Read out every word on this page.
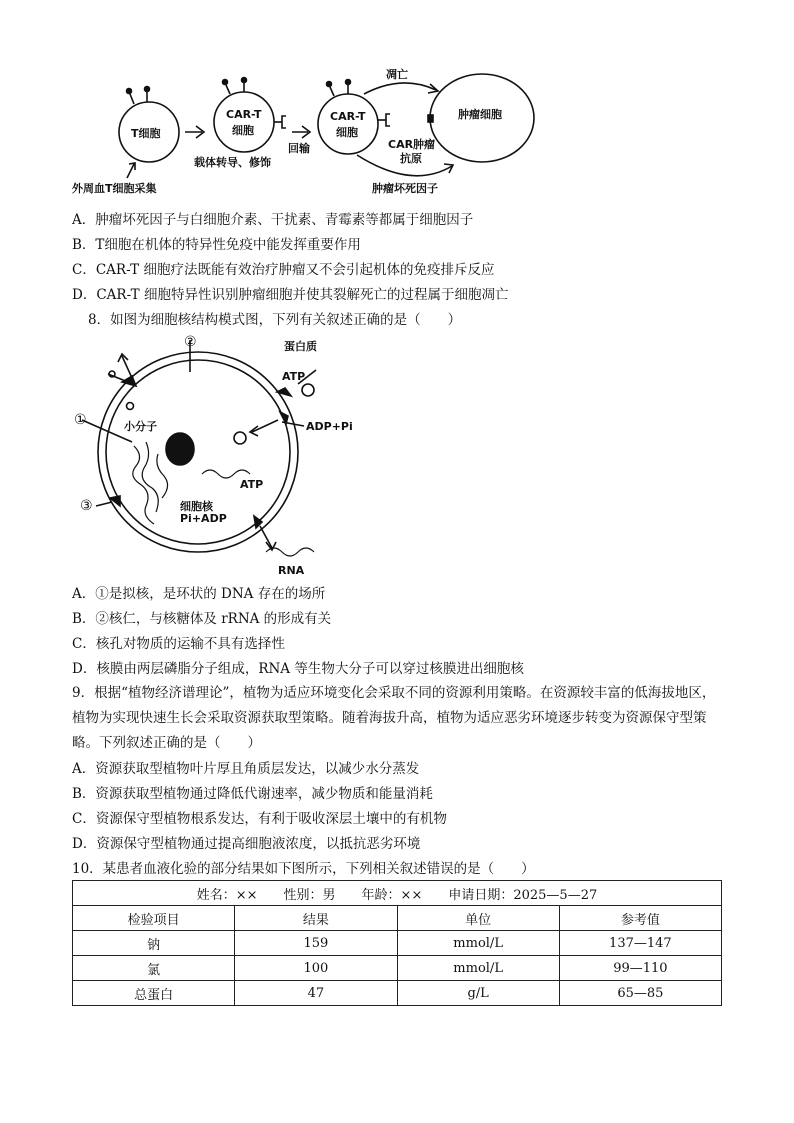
T细胞
外周血T细胞采集
CAR-T
细胞
载体转导、修饰
CAR-T
细胞
回输
凋亡
肿瘤细胞
CAR肿瘤
抗原
肿瘤坏死因子
A．肿瘤坏死因子与白细胞介素、干扰素、青霉素等都属于细胞因子
B．T细胞在机体的特异性免疫中能发挥重要作用
C．CAR-T 细胞疗法既能有效治疗肿瘤又不会引起机体的免疫排斥反应
D．CAR-T 细胞特异性识别肿瘤细胞并使其裂解死亡的过程属于细胞凋亡
8．如图为细胞核结构模式图，下列有关叙述正确的是（　　）
②
①
③
蛋白质
ATP
ADP+Pi
小分子
ATP
细胞核
Pi+ADP
RNA
A．①是拟核，是环状的 DNA 存在的场所
B．②核仁，与核糖体及 rRNA 的形成有关
C．核孔对物质的运输不具有选择性
D．核膜由两层磷脂分子组成，RNA 等生物大分子可以穿过核膜进出细胞核
9．根据“植物经济谱理论”，植物为适应环境变化会采取不同的资源利用策略。在资源较丰富的低海拔地区，植物为实现快速生长会采取资源获取型策略。随着海拔升高，植物为适应恶劣环境逐步转变为资源保守型策略。下列叙述正确的是（　　）
A．资源获取型植物叶片厚且角质层发达，以减少水分蒸发
B．资源获取型植物通过降低代谢速率，减少物质和能量消耗
C．资源保守型植物根系发达，有利于吸收深层土壤中的有机物
D．资源保守型植物通过提高细胞液浓度，以抵抗恶劣环境
10．某患者血液化验的部分结果如下图所示，下列相关叙述错误的是（　　）
姓名：××　　性别：男　　年龄：××　　申请日期：2025—5—27			
检验项目	结果	单位	参考值
钠	159	mmol/L	137—147
氯	100	mmol/L	99—110
总蛋白	47	g/L	65—85
